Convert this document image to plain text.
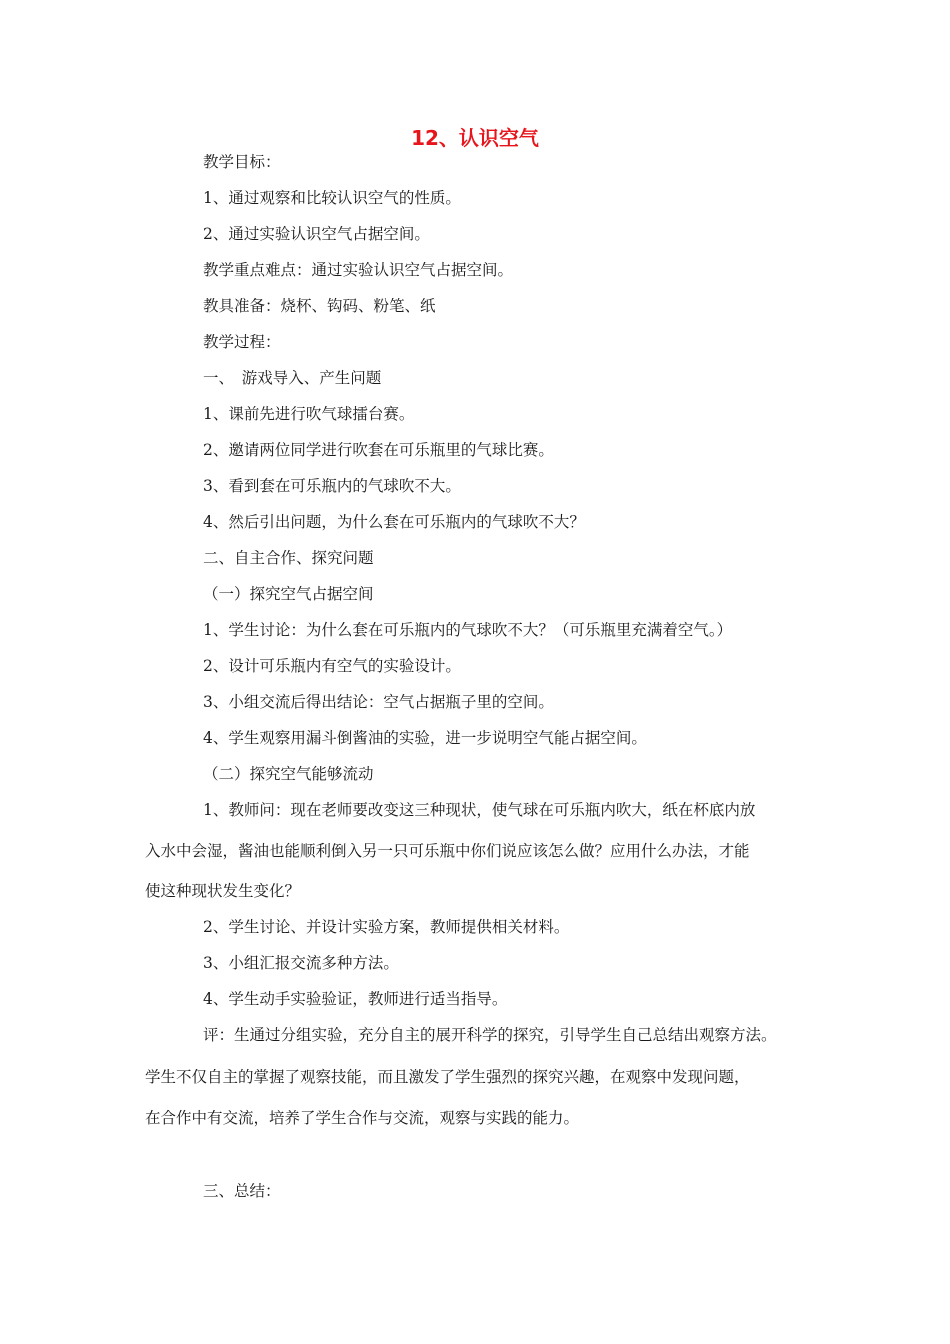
12、认识空气
教学目标：
1、通过观察和比较认识空气的性质。
2、通过实验认识空气占据空间。
教学重点难点：通过实验认识空气占据空间。
教具准备：烧杯、钩码、粉笔、纸
教学过程：
一、　游戏导入、产生问题
1、课前先进行吹气球擂台赛。
2、邀请两位同学进行吹套在可乐瓶里的气球比赛。
3、看到套在可乐瓶内的气球吹不大。
4、然后引出问题，为什么套在可乐瓶内的气球吹不大？
二、自主合作、探究问题
（一）探究空气占据空间
1、学生讨论：为什么套在可乐瓶内的气球吹不大？（可乐瓶里充满着空气。）
2、设计可乐瓶内有空气的实验设计。
3、小组交流后得出结论：空气占据瓶子里的空间。
4、学生观察用漏斗倒酱油的实验，进一步说明空气能占据空间。
（二）探究空气能够流动
1、教师问：现在老师要改变这三种现状，使气球在可乐瓶内吹大，纸在杯底内放
入水中会湿，酱油也能顺利倒入另一只可乐瓶中你们说应该怎么做？应用什么办法，才能
使这种现状发生变化？
2、学生讨论、并设计实验方案，教师提供相关材料。
3、小组汇报交流多种方法。
4、学生动手实验验证，教师进行适当指导。
评：生通过分组实验，充分自主的展开科学的探究，引导学生自己总结出观察方法。
学生不仅自主的掌握了观察技能，而且激发了学生强烈的探究兴趣，在观察中发现问题，
在合作中有交流，培养了学生合作与交流，观察与实践的能力。
三、总结：
